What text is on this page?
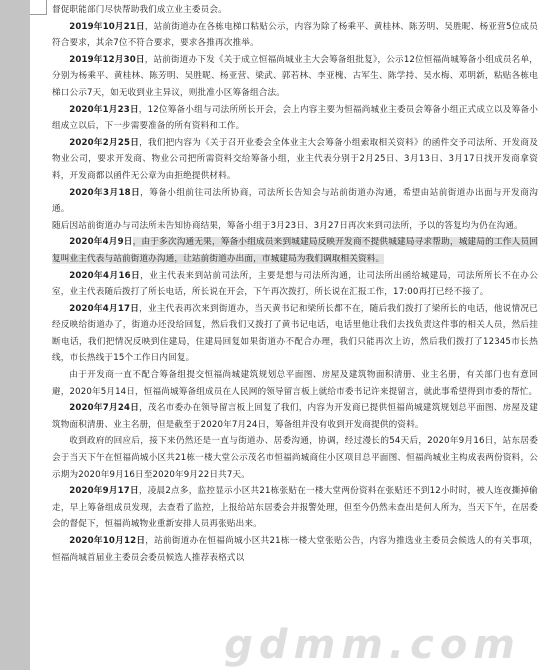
督促职能部门尽快帮助我们成立业主委员会。

2019年10月21日，站前街道办在各栋电梯口粘贴公示，内容为除了杨乘平、黄桂林、陈芳明、吴胜昵、杨亚营5位成员符合要求，其余7位不符合要求，要求各推再次推举。

2019年12月30日，站前街道办下发《关于成立恒福尚城业主大会筹备组批复》，公示12位恒福尚城筹备小组成员名单，分别为杨乘平、黄桂林、陈芳明、吴胜昵、杨亚营、梁武、郭若林、李亚槐、古军生、陈学持、吴水梅、邓明新，粘贴各栋电梯口公示7天，如无收到业主异议，则批准小区筹备组合法。

2020年1月23日，12位筹备小组与司法所所长开会，会上内容主要为恒福尚城业主委员会筹备小组正式成立以及筹备小组成立以后，下一步需要准备的所有资料和工作。

2020年2月25日，我们把内容为《关于召开业委会全体业主大会筹备小组索取相关资料》的函件交予司法所、开发商及物业公司，要求开发商、物业公司把所需资料交给筹备小组，业主代表分别于2月25日、3月13日、3月17日找开发商拿资料，开发商都以函件无公章为由拒绝提供材料。

2020年3月18日，筹备小组前往司法所协商，司法所长告知会与站前街道办沟通，希望由站前街道办出面与开发商沟通。

随后因站前街道办与司法所未告知协商结果，筹备小组于3月23日、3月27日再次来到司法所，予以的答复均为仍在沟通。

2020年4月9日，由于多次沟通无果，筹备小组成员来到城建局反映开发商不提供城建局寻求帮助，城建局的工作人员回复叫业主代表与站前街道办沟通，让站前街道办出面，市城建局为我们调取相关资料。

2020年4月16日，业主代表来到站前司法所，主要是想与司法所沟通，让司法所出函给城建局，司法所所长不在办公室，业主代表随后拨打了所长电话，所长说在开会，下午再次拨打，所长说在汇报工作，17:00再打已经不接了。

2020年4月17日，业主代表再次来到街道办，当天黄书记和梁所长都不在，随后我们拨打了梁所长的电话，他说情况已经反映给街道办了，街道办还没给回复，然后我们又拨打了黄书记电话，电话里他让我们去找负责这件事的相关人员，然后挂断电话，我们把情况反映到住建局，住建局回复如果街道办不配合办理，我们只能再次上访，然后我们拨打了12345市长热线，市长热线于15个工作日内回复。

由于开发商一直不配合筹备组提交恒福尚城建筑规划总平面图、房屋及建筑物面积清册、业主名册，有关部门也有意回避，2020年5月14日，恒福尚城筹备组成员在人民网的领导留言板上就给市委书记许来提留言，就此事希望得到市委的帮忙。

2020年7月24日，茂名市委办在领导留言板上回复了我们，内容为开发商已提供恒福尚城建筑规划总平面图、房屋及建筑物面积清册、业主名册，但是截至于2020年7月24日，筹备组并没有收到开发商提供的资料。

收到政府的回应后，接下来仍然还是一直与街道办、居委沟通，协调，经过漫长的54天后，2020年9月16日，站东居委会于当天下午在恒福尚城小区共21栋一楼大堂公示茂名市恒福尚城商住小区项目总平面图、恒福尚城业主构成表两份资料，公示期为2020年9月16日至2020年9月22日共7天。

2020年9月17日，凌晨2点多，监控显示小区共21栋张贴在一楼大堂两份资料在张贴还不到12小时时，被人连夜撕掉偷走，早上筹备组成员发现，去查看了监控，上报给站东居委会并报警处理，但至今仍然未查出是何人所为，当天下午，在居委会的督促下，恒福尚城物业重新安排人员再张贴出来。

2020年10月12日，站前街道办在恒福尚城小区共21栋一楼大堂张贴公告，内容为推选业主委员会候选人的有关事项，恒福尚城首届业主委员会委员候选人推荐表格式以

gdmm.com
